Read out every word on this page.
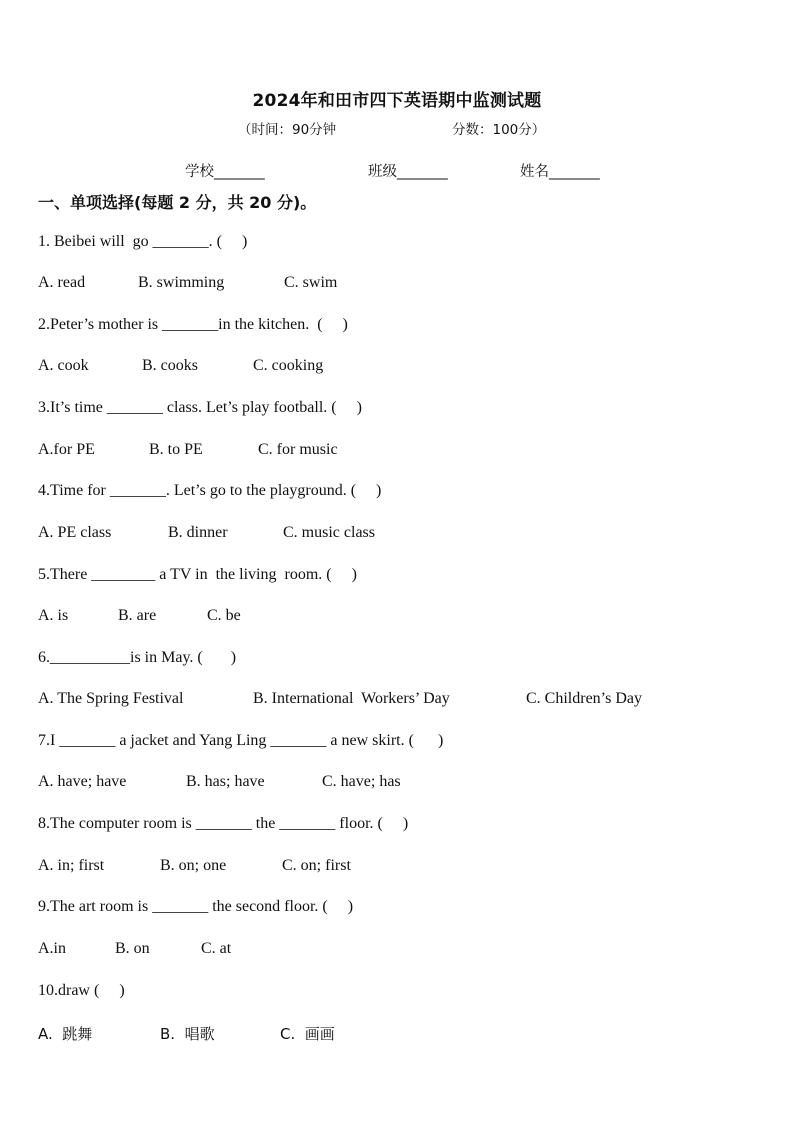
2024年和田市四下英语期中监测试题
（时间：90分钟	分数：100分）
学校_______	班级_______	姓名_______
一、单项选择(每题 2 分，共 20 分)。
1. Beibei will  go _______. (     )
A. read	B. swimming	C. swim
2.Peter’s mother is _______in the kitchen.  (     )
A. cook	B. cooks	C. cooking
3.It’s time _______ class. Let’s play football. (     )
A.for PE	B. to PE	C. for music
4.Time for _______. Let’s go to the playground. (     )
A. PE class	B. dinner	C. music class
5.There ________ a TV in  the living  room. (     )
A. is	B. are	C. be
6.__________is in May. (       )
A. The Spring Festival	B. International  Workers’ Day	C. Children’s Day
7.I _______ a jacket and Yang Ling _______ a new skirt. (      )
A. have; have	B. has; have	C. have; has
8.The computer room is _______ the _______ floor. (     )
A. in; first	B. on; one	C. on; first
9.The art room is _______ the second floor. (     )
A.in	B. on	C. at
10.draw (     )
A.  跳舞	B.  唱歌	C.  画画
